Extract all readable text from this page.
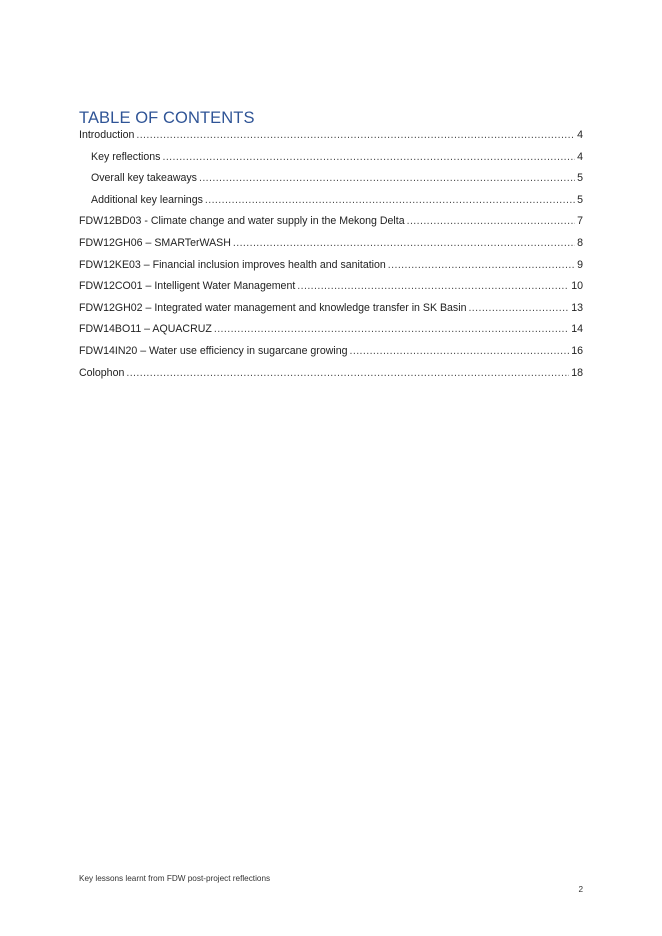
TABLE OF CONTENTS
Introduction .....	4
Key reflections .....	4
Overall key takeaways .....	5
Additional key learnings .....	5
FDW12BD03 - Climate change and water supply in the Mekong Delta .....	7
FDW12GH06 – SMARTerWASH .....	8
FDW12KE03 – Financial inclusion improves health and sanitation .....	9
FDW12CO01 – Intelligent Water Management .....	10
FDW12GH02 – Integrated water management and knowledge transfer in SK Basin .....	13
FDW14BO11 – AQUACRUZ .....	14
FDW14IN20 – Water use efficiency in sugarcane growing .....	16
Colophon .....	18
Key lessons learnt from FDW post-project reflections
2
